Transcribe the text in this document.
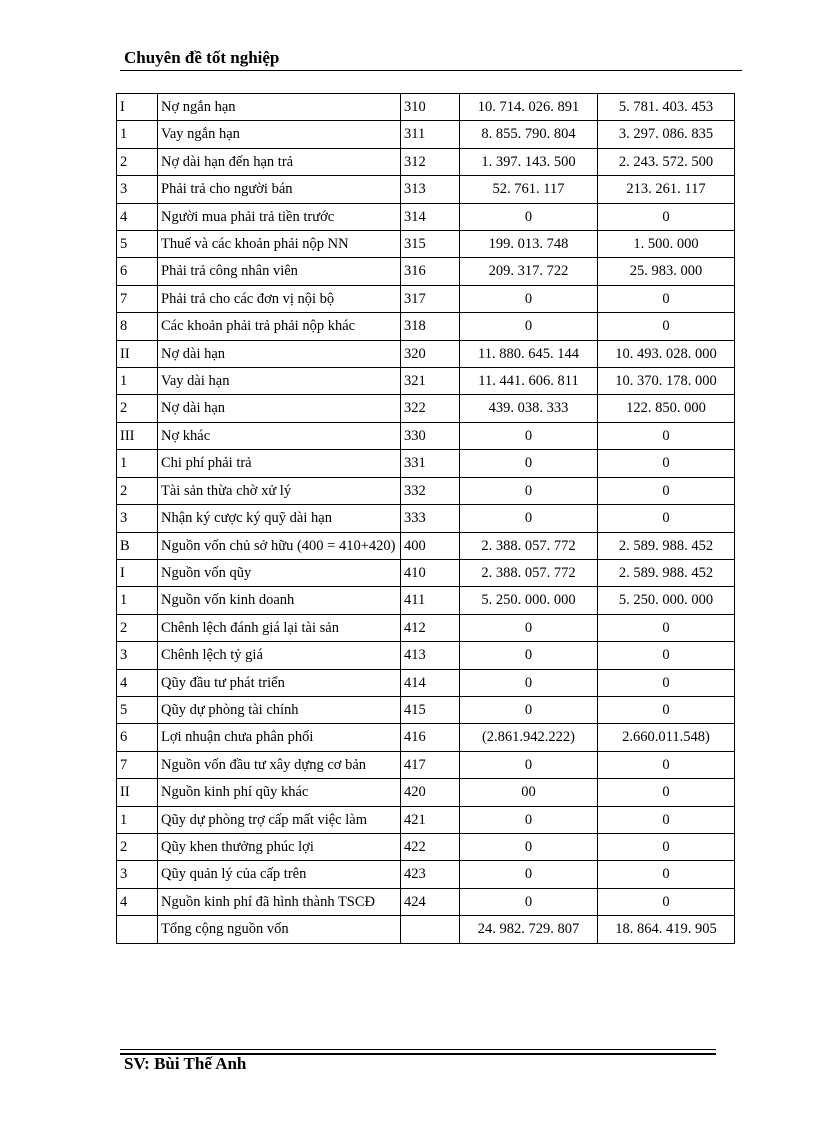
Chuyên đề tốt nghiệp
I	Nợ ngắn hạn	310	10. 714. 026. 891	5. 781. 403. 453
1	Vay ngắn hạn	311	8. 855. 790. 804	3. 297. 086. 835
2	Nợ dài hạn đến hạn trả	312	1. 397. 143. 500	2. 243. 572. 500
3	Phải trả cho người bán	313	52. 761. 117	213. 261. 117
4	Người mua phải trả tiền trước	314	0	0
5	Thuế và các khoản phải nộp NN	315	199. 013. 748	1. 500. 000
6	Phải trả công nhân viên	316	209. 317. 722	25. 983. 000
7	Phải trả cho các đơn vị nội bộ	317	0	0
8	Các khoản phải trả phải nộp khác	318	0	0
II	Nợ dài hạn	320	11. 880. 645. 144	10. 493. 028. 000
1	Vay dài hạn	321	11. 441. 606. 811	10. 370. 178. 000
2	Nợ dài hạn	322	439. 038. 333	122. 850. 000
III	Nợ khác	330	0	0
1	Chi phí phải trả	331	0	0
2	Tài sản thừa chờ xử lý	332	0	0
3	Nhận ký cược ký quỹ dài hạn	333	0	0
B	Nguồn vốn chủ sở hữu (400 = 410+420)	400	2. 388. 057. 772	2. 589. 988. 452
I	Nguồn vốn qũy	410	2. 388. 057. 772	2. 589. 988. 452
1	Nguồn vốn kinh doanh	411	5. 250. 000. 000	5. 250. 000. 000
2	Chênh lệch đánh giá lại tài sản	412	0	0
3	Chênh lệch tỷ giá	413	0	0
4	Qũy đầu tư phát triển	414	0	0
5	Qũy dự phòng tài chính	415	0	0
6	Lợi nhuận chưa phân phối	416	(2.861.942.222)	2.660.011.548)
7	Nguồn vốn đầu tư xây dựng cơ bản	417	0	0
II	Nguồn kinh phí qũy khác	420	00	0
1	Qũy dự phòng trợ cấp mất việc làm	421	0	0
2	Qũy khen thưởng phúc lợi	422	0	0
3	Qũy quản lý của cấp trên	423	0	0
4	Nguồn kinh phí đã hình thành TSCĐ	424	0	0
	Tổng cộng nguồn vốn		24. 982. 729. 807	18. 864. 419. 905
SV: Bùi Thế Anh
